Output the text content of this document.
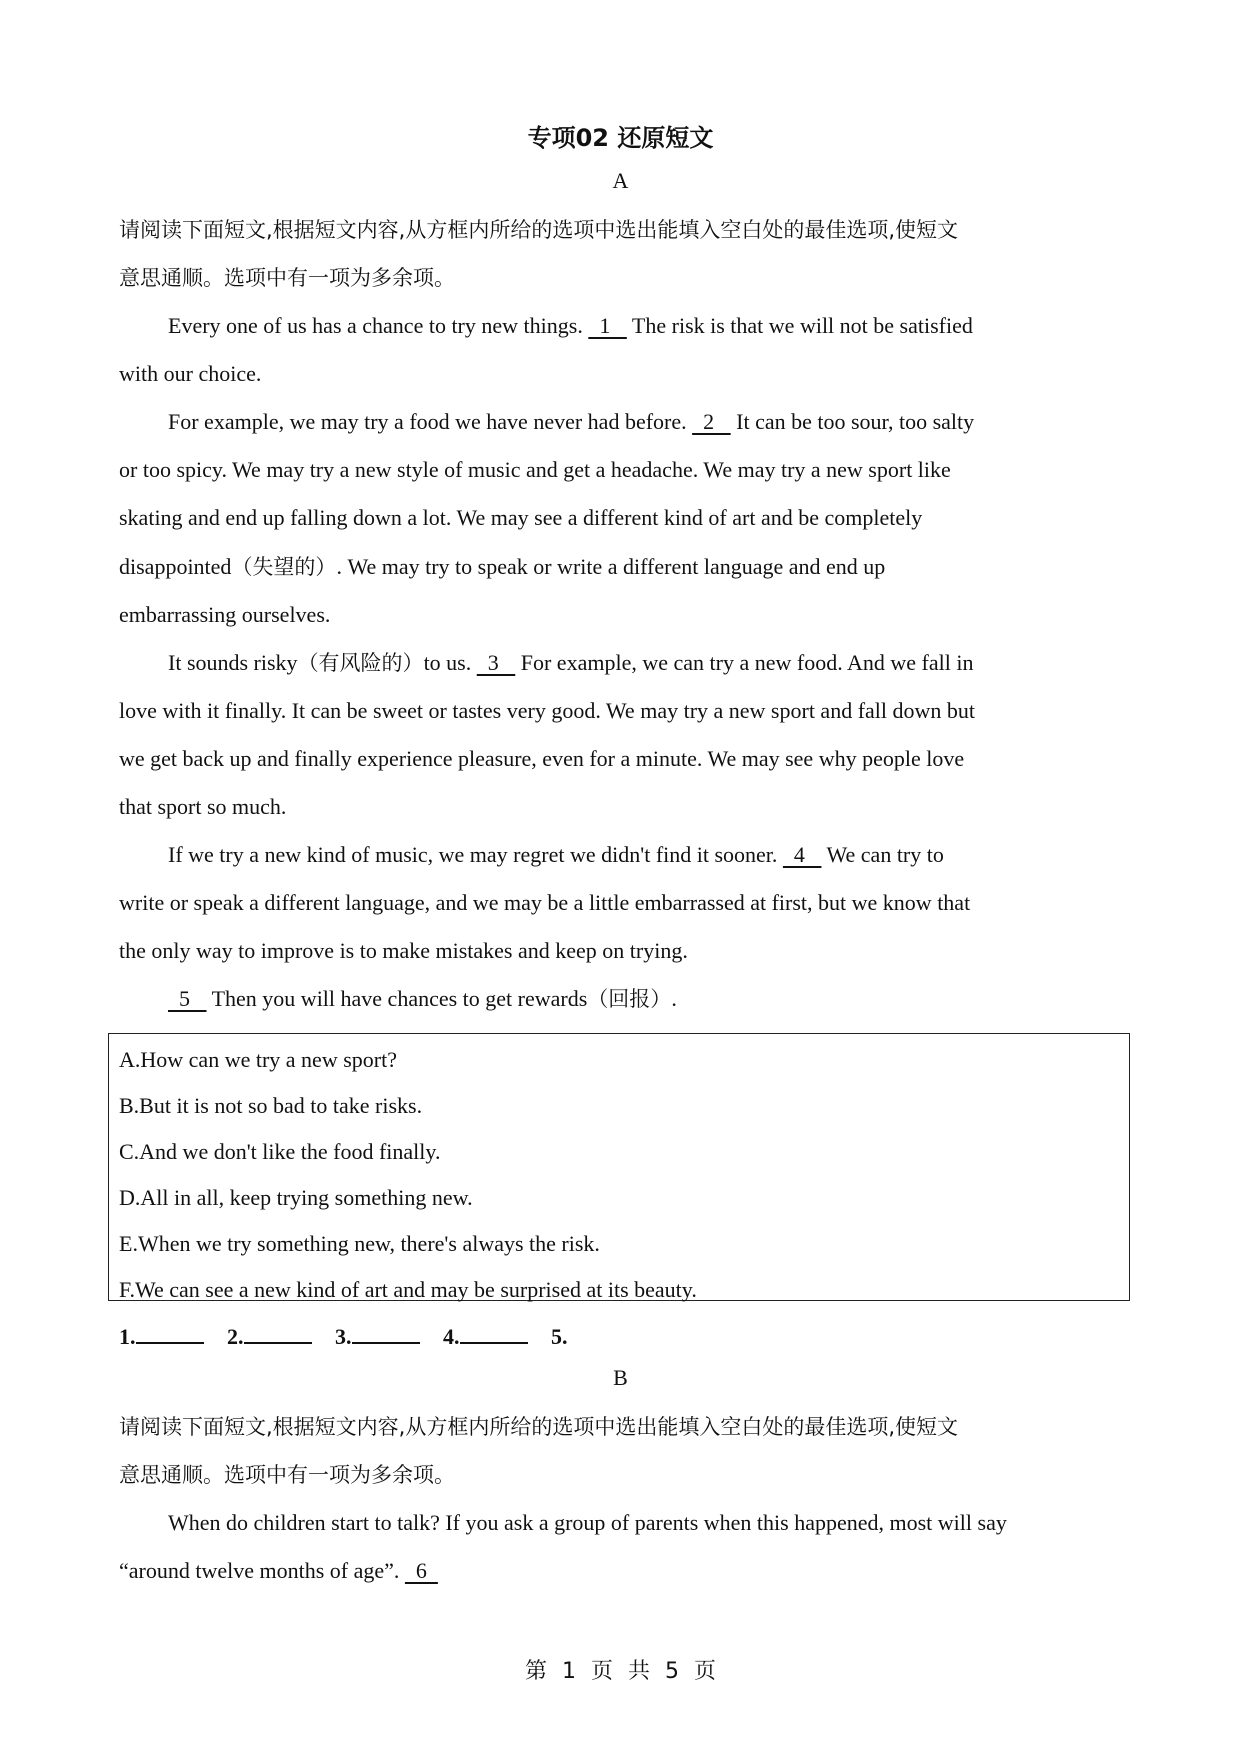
专项02 还原短文
A
请阅读下面短文,根据短文内容,从方框内所给的选项中选出能填入空白处的最佳选项,使短文
意思通顺。选项中有一项为多余项。
Every one of us has a chance to try new things.   1    The risk is that we will not be satisfied
with our choice.
For example, we may try a food we have never had before.   2    It can be too sour, too salty
or too spicy. We may try a new style of music and get a headache. We may try a new sport like
skating and end up falling down a lot. We may see a different kind of art and be completely
disappointed（失望的）. We may try to speak or write a different language and end up
embarrassing ourselves.
It sounds risky（有风险的）to us.   3    For example, we can try a new food. And we fall in
love with it finally. It can be sweet or tastes very good. We may try a new sport and fall down but
we get back up and finally experience pleasure, even for a minute. We may see why people love
that sport so much.
If we try a new kind of music, we may regret we didn't find it sooner.   4    We can try to
write or speak a different language, and we may be a little embarrassed at first, but we know that
the only way to improve is to make mistakes and keep on trying.
5    Then you will have chances to get rewards（回报）.
A.How can we try a new sport?
B.But it is not so bad to take risks.
C.And we don't like the food finally.
D.All in all, keep trying something new.
E.When we try something new, there's always the risk.
F.We can see a new kind of art and may be surprised at its beauty.
1.	2.	3.	4.	5.
B
请阅读下面短文,根据短文内容,从方框内所给的选项中选出能填入空白处的最佳选项,使短文
意思通顺。选项中有一项为多余项。
When do children start to talk? If you ask a group of parents when this happened, most will say
“around twelve months of age”.   6
第 1 页 共 5 页
